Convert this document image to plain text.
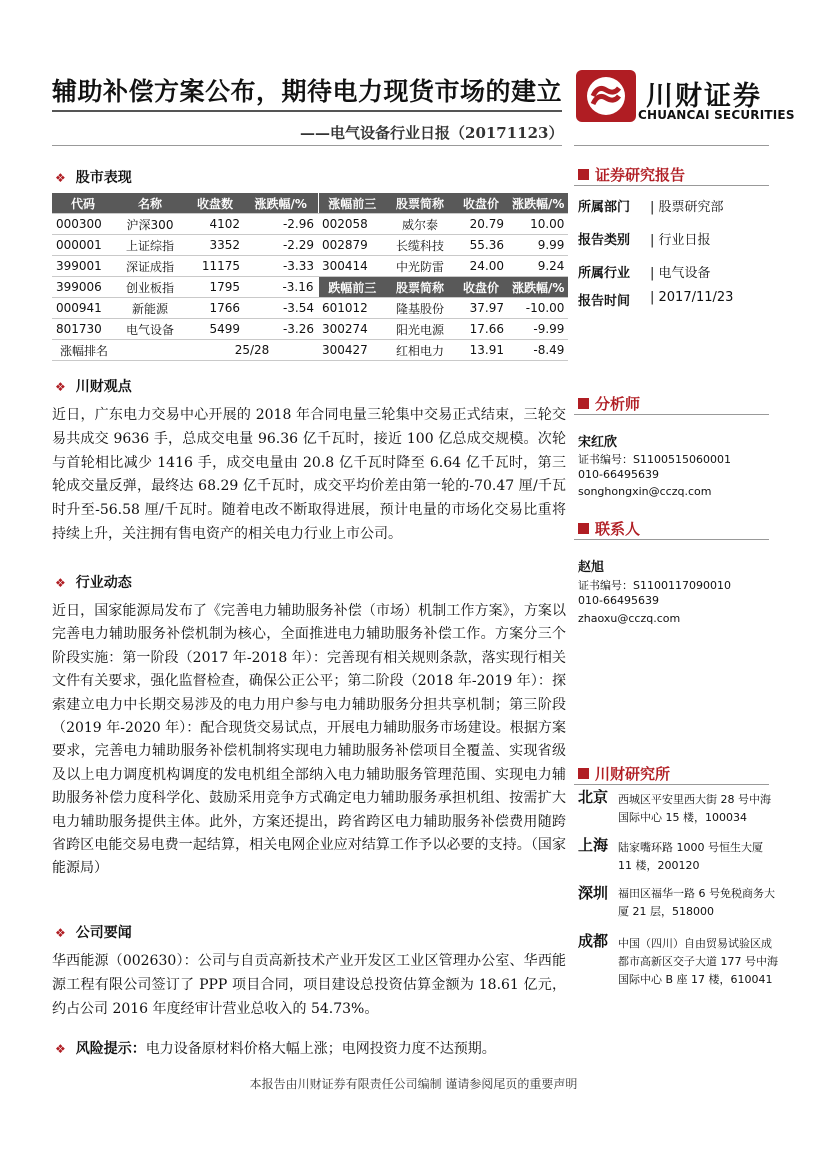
辅助补偿方案公布，期待电力现货市场的建立
——电气设备行业日报（20171123）
川财证券
CHUANCAI SECURITIES
❖ 股市表现
代码	名称	收盘数	涨跌幅/%	涨幅前三	股票简称	收盘价	涨跌幅/%
000300	沪深300	4102	-2.96	002058	威尔泰	20.79	10.00
000001	上证综指	3352	-2.29	002879	长缆科技	55.36	9.99
399001	深证成指	11175	-3.33	300414	中光防雷	24.00	9.24
399006	创业板指	1795	-3.16	跌幅前三	股票简称	收盘价	涨跌幅/%
000941	新能源	1766	-3.54	601012	隆基股份	37.97	-10.00
801730	电气设备	5499	-3.26	300274	阳光电源	17.66	-9.99
涨幅排名		25/28		300427	红相电力	13.91	-8.49
❖ 川财观点
近日，广东电力交易中心开展的 2018 年合同电量三轮集中交易正式结束，三轮交易共成交 9636 手，总成交电量 96.36 亿千瓦时，接近 100 亿总成交规模。次轮与首轮相比减少 1416 手，成交电量由 20.8 亿千瓦时降至 6.64 亿千瓦时，第三轮成交量反弹，最终达 68.29 亿千瓦时，成交平均价差由第一轮的-70.47 厘/千瓦时升至-56.58 厘/千瓦时。随着电改不断取得进展，预计电量的市场化交易比重将持续上升，关注拥有售电资产的相关电力行业上市公司。
❖ 行业动态
近日，国家能源局发布了《完善电力辅助服务补偿（市场）机制工作方案》，方案以完善电力辅助服务补偿机制为核心，全面推进电力辅助服务补偿工作。方案分三个阶段实施：第一阶段（2017 年-2018 年）：完善现有相关规则条款，落实现行相关文件有关要求，强化监督检查，确保公正公平；第二阶段（2018 年-2019 年）：探索建立电力中长期交易涉及的电力用户参与电力辅助服务分担共享机制；第三阶段（2019 年-2020 年）：配合现货交易试点，开展电力辅助服务市场建设。根据方案要求，完善电力辅助服务补偿机制将实现电力辅助服务补偿项目全覆盖、实现省级及以上电力调度机构调度的发电机组全部纳入电力辅助服务管理范围、实现电力辅助服务补偿力度科学化、鼓励采用竞争方式确定电力辅助服务承担机组、按需扩大电力辅助服务提供主体。此外，方案还提出，跨省跨区电力辅助服务补偿费用随跨省跨区电能交易电费一起结算，相关电网企业应对结算工作予以必要的支持。（国家能源局）
❖ 公司要闻
华西能源（002630）：公司与自贡高新技术产业开发区工业区管理办公室、华西能源工程有限公司签订了 PPP 项目合同，项目建设总投资估算金额为 18.61 亿元，约占公司 2016 年度经审计营业总收入的 54.73%。
❖ 风险提示：电力设备原材料价格大幅上涨；电网投资力度不达预期。
证券研究报告
所属部门 | 股票研究部
报告类别 | 行业日报
所属行业 | 电气设备
报告时间 | 2017/11/23
分析师
宋红欣
证书编号：S1100515060001
010-66495639
songhongxin@cczq.com
联系人
赵旭
证书编号：S1100117090010
010-66495639
zhaoxu@cczq.com
川财研究所
北京 西城区平安里西大街 28 号中海国际中心 15 楼，100034
上海 陆家嘴环路 1000 号恒生大厦 11 楼，200120
深圳 福田区福华一路 6 号免税商务大厦 21 层，518000
成都 中国（四川）自由贸易试验区成都市高新区交子大道 177 号中海国际中心 B 座 17 楼，610041
本报告由川财证券有限责任公司编制 谨请参阅尾页的重要声明
